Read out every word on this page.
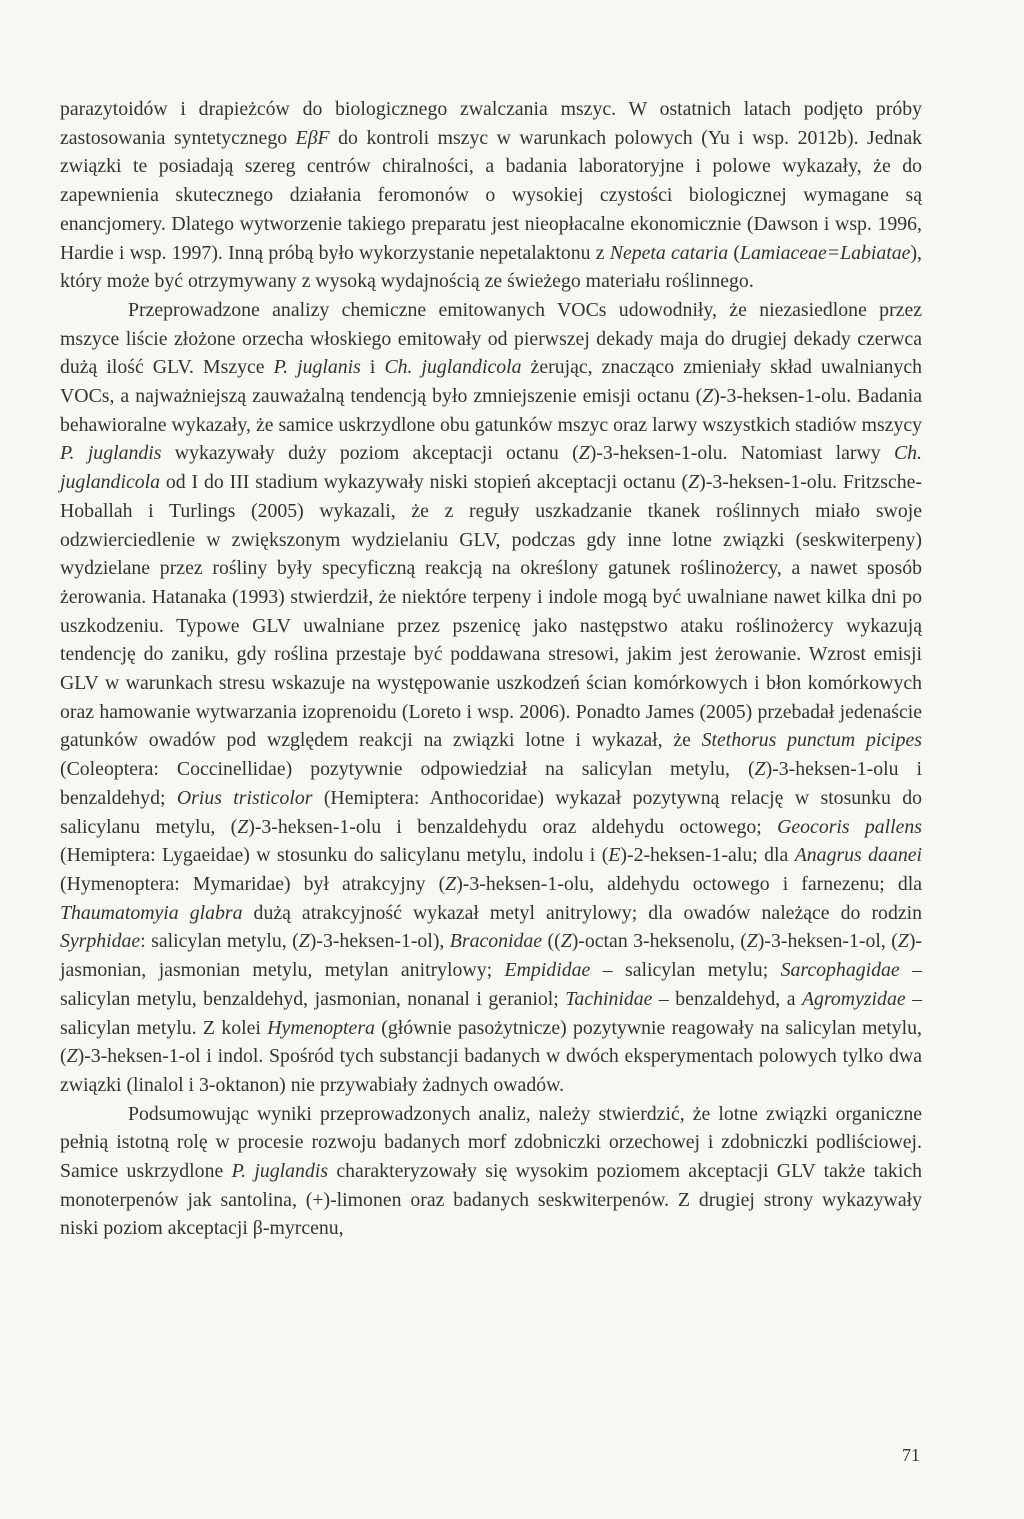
parazytoidów i drapieżców do biologicznego zwalczania mszyc. W ostatnich latach podjęto próby zastosowania syntetycznego EβF do kontroli mszyc w warunkach polowych (Yu i wsp. 2012b). Jednak związki te posiadają szereg centrów chiralności, a badania laboratoryjne i polowe wykazały, że do zapewnienia skutecznego działania feromonów o wysokiej czystości biologicznej wymagane są enancjomery. Dlatego wytworzenie takiego preparatu jest nieopłacalne ekonomicznie (Dawson i wsp. 1996, Hardie i wsp. 1997). Inną próbą było wykorzystanie nepetalaktonu z Nepeta cataria (Lamiaceae=Labiatae), który może być otrzymywany z wysoką wydajnością ze świeżego materiału roślinnego.

Przeprowadzone analizy chemiczne emitowanych VOCs udowodniły, że niezasiedlone przez mszyce liście złożone orzecha włoskiego emitowały od pierwszej dekady maja do drugiej dekady czerwca dużą ilość GLV. Mszyce P. juglanis i Ch. juglandicola żerując, znacząco zmieniały skład uwalnianych VOCs, a najważniejszą zauważalną tendencją było zmniejszenie emisji octanu (Z)-3-heksen-1-olu. Badania behawioralne wykazały, że samice uskrzydlone obu gatunków mszyc oraz larwy wszystkich stadiów mszycy P. juglandis wykazywały duży poziom akceptacji octanu (Z)-3-heksen-1-olu. Natomiast larwy Ch. juglandicola od I do III stadium wykazywały niski stopień akceptacji octanu (Z)-3-heksen-1-olu. Fritzsche-Hoballah i Turlings (2005) wykazali, że z reguły uszkadzanie tkanek roślinnych miało swoje odzwierciedlenie w zwiększonym wydzielaniu GLV, podczas gdy inne lotne związki (seskwiterpeny) wydzielane przez rośliny były specyficzną reakcją na określony gatunek roślinożercy, a nawet sposób żerowania. Hatanaka (1993) stwierdził, że niektóre terpeny i indole mogą być uwalniane nawet kilka dni po uszkodzeniu. Typowe GLV uwalniane przez pszenicę jako następstwo ataku roślinożercy wykazują tendencję do zaniku, gdy roślina przestaje być poddawana stresowi, jakim jest żerowanie. Wzrost emisji GLV w warunkach stresu wskazuje na występowanie uszkodzeń ścian komórkowych i błon komórkowych oraz hamowanie wytwarzania izoprenoidu (Loreto i wsp. 2006). Ponadto James (2005) przebadał jedenaście gatunków owadów pod względem reakcji na związki lotne i wykazał, że Stethorus punctum picipes (Coleoptera: Coccinellidae) pozytywnie odpowiedział na salicylan metylu, (Z)-3-heksen-1-olu i benzaldehyd; Orius tristicolor (Hemiptera: Anthocoridae) wykazał pozytywną relację w stosunku do salicylanu metylu, (Z)-3-heksen-1-olu i benzaldehydu oraz aldehydu octowego; Geocoris pallens (Hemiptera: Lygaeidae) w stosunku do salicylanu metylu, indolu i (E)-2-heksen-1-alu; dla Anagrus daanei (Hymenoptera: Mymaridae) był atrakcyjny (Z)-3-heksen-1-olu, aldehydu octowego i farnezenu; dla Thaumatomyia glabra dużą atrakcyjność wykazał metyl anitrylowy; dla owadów należące do rodzin Syrphidae: salicylan metylu, (Z)-3-heksen-1-ol), Braconidae ((Z)-octan 3-heksenolu, (Z)-3-heksen-1-ol, (Z)-jasmonian, jasmonian metylu, metylan anitrylowy; Empididae – salicylan metylu; Sarcophagidae – salicylan metylu, benzaldehyd, jasmonian, nonanal i geraniol; Tachinidae – benzaldehyd, a Agromyzidae – salicylan metylu. Z kolei Hymenoptera (głównie pasożytnicze) pozytywnie reagowały na salicylan metylu, (Z)-3-heksen-1-ol i indol. Spośród tych substancji badanych w dwóch eksperymentach polowych tylko dwa związki (linalol i 3-oktanon) nie przywabiały żadnych owadów.

Podsumowując wyniki przeprowadzonych analiz, należy stwierdzić, że lotne związki organiczne pełnią istotną rolę w procesie rozwoju badanych morf zdobniczki orzechowej i zdobniczki podliściowej. Samice uskrzydlone P. juglandis charakteryzowały się wysokim poziomem akceptacji GLV także takich monoterpenów jak santolina, (+)-limonen oraz badanych seskwiterpenów. Z drugiej strony wykazywały niski poziom akceptacji β-myrcenu,

71
